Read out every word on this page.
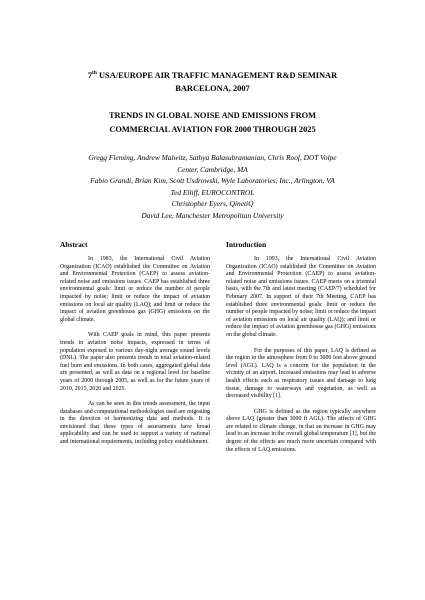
7th USA/EUROPE AIR TRAFFIC MANAGEMENT R&D SEMINAR
BARCELONA, 2007
TRENDS IN GLOBAL NOISE AND EMISSIONS FROM
COMMERCIAL AVIATION FOR 2000 THROUGH 2025
Gregg Fleming, Andrew Malwitz, Sathya Balasubramanian, Chris Roof, DOT Volpe
Center, Cambridge, MA
Fabio Grandi, Brian Kim, Scott Usdrowski, Wyle Laboratories, Inc., Arlington, VA
Ted Elliff, EUROCONTROL
Christopher Eyers, QinetiQ
David Lee, Manchester Metropolitan University
Abstract

In 1983, the International Civil Aviation Organization (ICAO) established the Committee on Aviation and Environmental Protection (CAEP) to assess aviation-related noise and emissions issues. CAEP has established three environmental goals: limit or reduce the number of people impacted by noise; limit or reduce the impact of aviation emissions on local air quality (LAQ); and limit or reduce the impact of aviation greenhouse gas (GHG) emissions on the global climate.

With CAEP goals in mind, this paper presents trends in aviation noise impacts, expressed in terms of population exposed to various day-night average sound levels (DNL). The paper also presents trends in total aviation-related fuel burn and emissions. In both cases, aggregated global data are presented, as well as data on a regional level for baseline years of 2000 through 2005, as well as for the future years of 2010, 2015, 2020 and 2025.

As can be seen in this trends assessment, the input databases and computational methodologies used are migrating in the direction of harmonizing data and methods. It is envisioned that these types of assessments have broad applicability and can be used to support a variety of national and international requirements, including policy establishment.

Introduction

In 1993, the International Civil Aviation Organization (ICAO) established the Committee on Aviation and Environmental Protection (CAEP) to assess aviation-related noise and emissions issues. CAEP meets on a triennial basis, with the 7th and latest meeting (CAEP/7) scheduled for February 2007. In support of their 7th Meeting, CAEP has established three environmental goals: limit or reduce the number of people impacted by noise; limit or reduce the impact of aviation emissions on local air quality (LAQ); and limit or reduce the impact of aviation greenhouse gas (GHG) emissions on the global climate.

For the purposes of this paper, LAQ is defined as the region in the atmosphere from 0 to 3000 feet above ground level (AGL). LAQ is a concern for the population in the vicinity of an airport. Increased emissions may lead to adverse health effects such as respiratory issues and damage to lung tissue, damage to waterways and vegetation, as well as decreased visibility [1].

GHG is defined as the region typically anywhere above LAQ (greater than 3000 ft AGL). The affects of GHG are related to climate change, in that an increase in GHG may lead to an increase in the overall global temperature [1], but the degree of the effects are much more uncertain compared with the effects of LAQ emissions.
